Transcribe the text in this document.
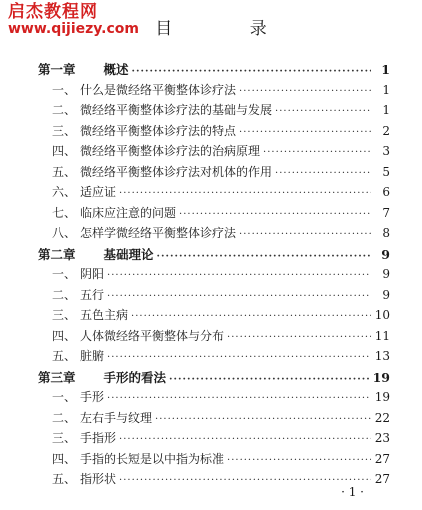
启杰教程网
www.qijiezy.com 目 录
第一章	概述 ·····	1
一、 什么是微经络平衡整体诊疗法 ·····	1
二、 微经络平衡整体诊疗法的基础与发展 ·····	1
三、 微经络平衡整体诊疗法的特点 ·····	2
四、 微经络平衡整体诊疗法的治病原理 ·····	3
五、 微经络平衡整体诊疗法对机体的作用 ·····	5
六、 适应证 ·····	6
七、 临床应注意的问题 ·····	7
八、 怎样学微经络平衡整体诊疗法 ·····	8
第二章	基础理论 ·····	9
一、 阴阳 ·····	9
二、 五行 ·····	9
三、 五色主病 ·····	10
四、 人体微经络平衡整体与分布 ·····	11
五、 脏腑 ·····	13
第三章	手形的看法 ·····	19
一、 手形 ·····	19
二、 左右手与纹理 ·····	22
三、 手指形 ·····	23
四、 手指的长短是以中指为标准 ·····	27
五、 指形状 ·····	27
· 1 ·
